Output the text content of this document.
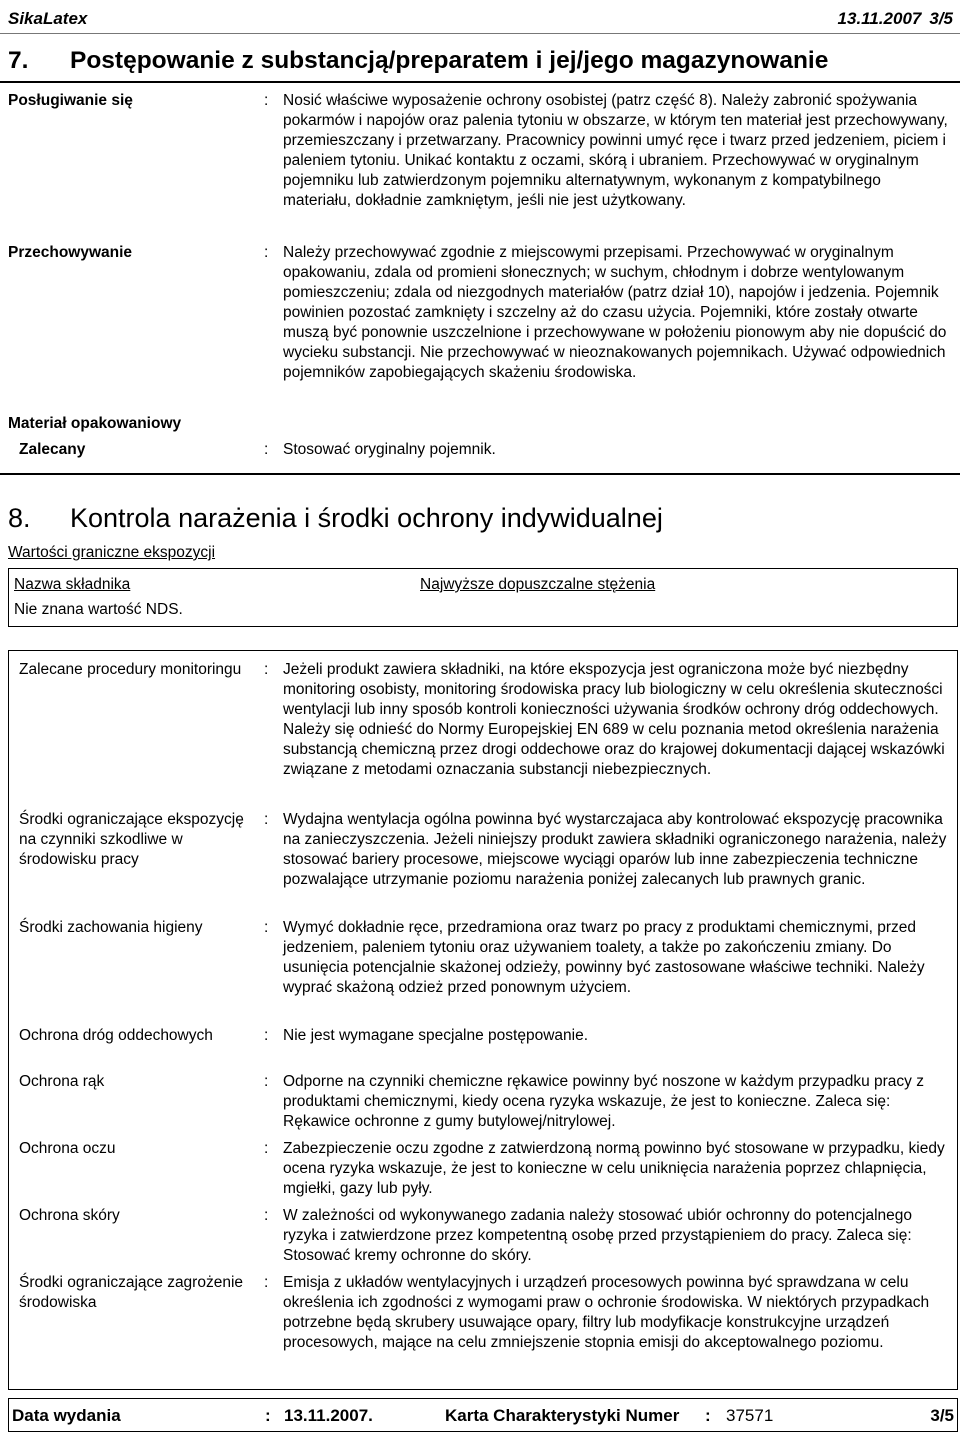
SikaLatex	13.11.2007 3/5
7. Postępowanie z substancją/preparatem i jej/jego magazynowanie
Posługiwanie się	: Nosić właściwe wyposażenie ochrony osobistej (patrz część 8). Należy zabronić spożywania pokarmów i napojów oraz palenia tytoniu w obszarze, w którym ten materiał jest przechowywany, przemieszczany i przetwarzany. Pracownicy powinni umyć ręce i twarz przed jedzeniem, piciem i paleniem tytoniu. Unikać kontaktu z oczami, skórą i ubraniem. Przechowywać w oryginalnym pojemniku lub zatwierdzonym pojemniku alternatywnym, wykonanym z kompatybilnego materiału, dokładnie zamkniętym, jeśli nie jest użytkowany.
Przechowywanie	: Należy przechowywać zgodnie z miejscowymi przepisami. Przechowywać w oryginalnym opakowaniu, zdala od promieni słonecznych; w suchym, chłodnym i dobrze wentylowanym pomieszczeniu; zdala od niezgodnych materiałów (patrz dział 10), napojów i jedzenia. Pojemnik powinien pozostać zamknięty i szczelny aż do czasu użycia. Pojemniki, które zostały otwarte muszą być ponownie uszczelnione i przechowywane w położeniu pionowym aby nie dopuścić do wycieku substancji. Nie przechowywać w nieoznakowanych pojemnikach. Używać odpowiednich pojemników zapobiegających skażeniu środowiska.
Materiał opakowaniowy
Zalecany	: Stosować oryginalny pojemnik.
8. Kontrola narażenia i środki ochrony indywidualnej
Wartości graniczne ekspozycji
Nazwa składnika	Najwyższe dopuszczalne stężenia
Nie znana wartość NDS.
Zalecane procedury monitoringu : Jeżeli produkt zawiera składniki, na które ekspozycja jest ograniczona może być niezbędny monitoring osobisty, monitoring środowiska pracy lub biologiczny w celu określenia skuteczności wentylacji lub inny sposób kontroli konieczności używania środków ochrony dróg oddechowych. Należy się odnieść do Normy Europejskiej EN 689 w celu poznania metod określenia narażenia substancją chemiczną przez drogi oddechowe oraz do krajowej dokumentacji dającej wskazówki związane z metodami oznaczania substancji niebezpiecznych.
Środki ograniczające ekspozycję na czynniki szkodliwe w środowisku pracy
: Wydajna wentylacja ogólna powinna być wystarczajaca aby kontrolować ekspozycję pracownika na zanieczyszczenia. Jeżeli niniejszy produkt zawiera składniki ograniczonego narażenia, należy stosować bariery procesowe, miejscowe wyciągi oparów lub inne zabezpieczenia techniczne pozwalające utrzymanie poziomu narażenia poniżej zalecanych lub prawnych granic.
Środki zachowania higieny	: Wymyć dokładnie ręce, przedramiona oraz twarz po pracy z produktami chemicznymi, przed jedzeniem, paleniem tytoniu oraz używaniem toalety, a także po zakończeniu zmiany. Do usunięcia potencjalnie skażonej odzieży, powinny być zastosowane właściwe techniki. Należy wyprać skażoną odzież przed ponownym użyciem.
Ochrona dróg oddechowych	: Nie jest wymagane specjalne postępowanie.
Ochrona rąk	: Odporne na czynniki chemiczne rękawice powinny być noszone w każdym przypadku pracy z produktami chemicznymi, kiedy ocena ryzyka wskazuje, że jest to konieczne. Zaleca się: Rękawice ochronne z gumy butylowej/nitrylowej.
Ochrona oczu	: Zabezpieczenie oczu zgodne z zatwierdzoną normą powinno być stosowane w przypadku, kiedy ocena ryzyka wskazuje, że jest to konieczne w celu uniknięcia narażenia poprzez chlapnięcia, mgiełki, gazy lub pyły.
Ochrona skóry	: W zależności od wykonywanego zadania należy stosować ubiór ochronny do potencjalnego ryzyka i zatwierdzone przez kompetentną osobę przed przystąpieniem do pracy. Zaleca się: Stosować kremy ochronne do skóry.
Środki ograniczające zagrożenie środowiska
: Emisja z układów wentylacyjnych i urządzeń procesowych powinna być sprawdzana w celu określenia ich zgodności z wymogami praw o ochronie środowiska. W niektórych przypadkach potrzebne będą skrubery usuwające opary, filtry lub modyfikacje konstrukcyjne urządzeń procesowych, mające na celu zmniejszenie stopnia emisji do akceptowalnego poziomu.
Data wydania	: 13.11.2007.	Karta Charakterystyki Numer : 37571	3/5
